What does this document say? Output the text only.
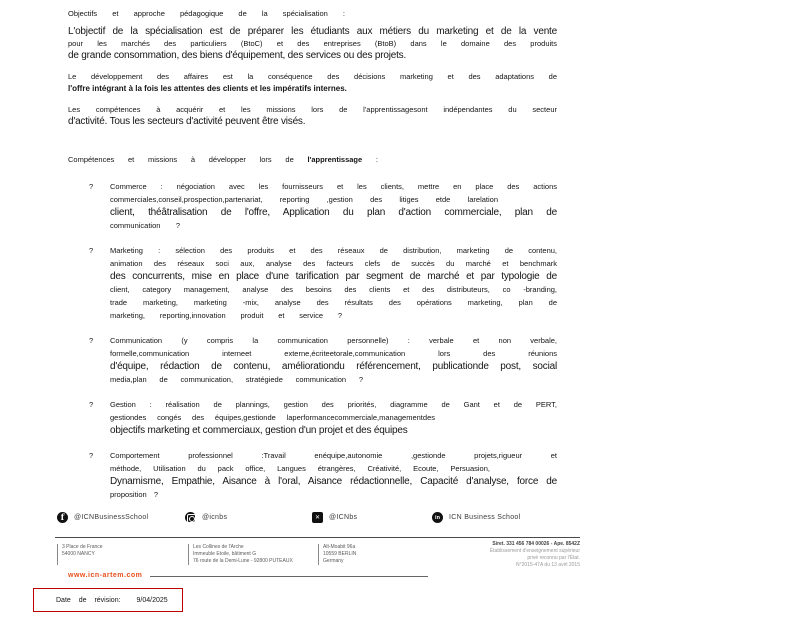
Objectifs et approche pédagogique de la spécialisation :
L'objectif de la spécialisation est de préparer les étudiants aux métiers du marketing et de la vente
pour les marchés des particuliers (BtoC) et des entreprises (BtoB) dans le domaine des produits
de grande consommation, des biens d'équipement, des services ou des projets.
Le développement des affaires est la conséquence des décisions marketing et des adaptations de
l'offre intégrant à la fois les attentes des clients et les impératifs internes.
Les compétences à acquérir et les missions lors de l'apprentissagesont indépendantes du secteur
d'activité. Tous les secteurs d'activité peuvent être visés.
Compétences et missions à développer lors de l'apprentissage :
?	Commerce : négociation avec les fournisseurs et les clients, mettre en place des actions
commerciales,conseil,prospection,partenariat, reporting ,gestion des litiges etde larelation
client, théâtralisation de l'offre, Application du plan d'action commerciale, plan de
communication ?
?	Marketing : sélection des produits et des réseaux de distribution, marketing de contenu,
animation des réseaux soci aux, analyse des facteurs clefs de succès du marché et benchmark
des concurrents, mise en place d'une tarification par segment de marché et par typologie de
client, category management, analyse des besoins des clients et des distributeurs, co -branding,
trade marketing, marketing -mix, analyse des résultats des opérations marketing, plan de
marketing, reporting,innovation produit et service ?
?	Communication (y compris la communication personnelle) : verbale et non verbale,
formelle,communication interneet externe,écriteetorale,communication lors des réunions
d'équipe, rédaction de contenu, améliorationdu référencement, publicationde post, social
media,plan de communication, stratégiede communication ?
?	Gestion : réalisation de plannings, gestion des priorités, diagramme de Gant et de PERT,
gestiondes congés des équipes,gestionde laperformancecommerciale,managementdes
objectifs marketing et commerciaux, gestion d'un projet et des équipes
?	Comportement professionnel :Travail enéquipe,autonomie ,gestionde projets,rigueur et
méthode, Utilisation du pack office, Langues étrangères, Créativité, Ecoute, Persuasion,
Dynamisme, Empathie, Aisance à l'oral, Aisance rédactionnelle, Capacité d'analyse, force de
proposition ?
f	@ICNBusinessSchool	@icnbs	✕	@ICNbs	in	ICN Business School
3 Place de France
54000 NANCY
Les Collines de l'Arche
Immeuble Etoile, bâtiment G
76 route de la Demi-Lune - 92800 PUTEAUX
Alt-Moabit 96a
10559 BERLIN
Germany
Siret. 331 456 784 00026 - Ape. 8542Z
Établissement d'enseignement supérieur
privé reconnu par l'État.
N°2015-47A du 13 avril 2015
www.icn-artem.com
Date de révision: 9/04/2025
